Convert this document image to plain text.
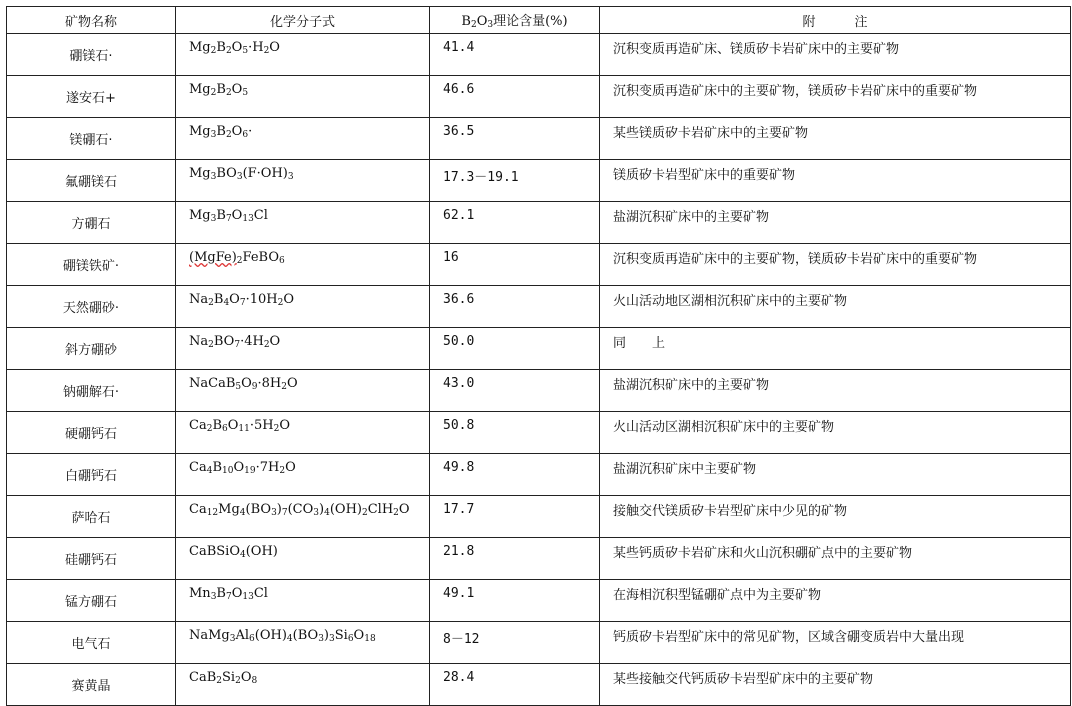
矿物名称	化学分子式	$B_2O_3$理论含量(%)	附　　　注
硼镁石·	$Mg_2B_2O_5\cdot H_2O$	41.4	沉积变质再造矿床、镁质矽卡岩矿床中的主要矿物
遂安石+	$Mg_2B_2O_5$	46.6	沉积变质再造矿床中的主要矿物，镁质矽卡岩矿床中的重要矿物
镁硼石·	$Mg_3B_2O_6\cdot$	36.5	某些镁质矽卡岩矿床中的主要矿物
氟硼镁石	$Mg_3BO_3(F\cdot OH)_3$	17.3－19.1	镁质矽卡岩型矿床中的重要矿物
方硼石	$Mg_3B_7O_{13}Cl$	62.1	盐湖沉积矿床中的主要矿物
硼镁铁矿·	$(MgFe)_2FeBO_6$	16	沉积变质再造矿床中的主要矿物，镁质矽卡岩矿床中的重要矿物
天然硼砂·	$Na_2B_4O_7\cdot 10H_2O$	36.6	火山活动地区湖相沉积矿床中的主要矿物
斜方硼砂	$Na_2BO_7\cdot 4H_2O$	50.0	同　　上
钠硼解石·	$NaCaB_5O_9\cdot 8H_2O$	43.0	盐湖沉积矿床中的主要矿物
硬硼钙石	$Ca_2B_6O_{11}\cdot 5H_2O$	50.8	火山活动区湖相沉积矿床中的主要矿物
白硼钙石	$Ca_4B_{10}O_{19}\cdot 7H_2O$	49.8	盐湖沉积矿床中主要矿物
萨哈石	$Ca_{12}Mg_4(BO_3)_7(CO_3)_4(OH)_2ClH_2O$	17.7	接触交代镁质矽卡岩型矿床中少见的矿物
硅硼钙石	CaBSiO$_4$(OH)	21.8	某些钙质矽卡岩矿床和火山沉积硼矿点中的主要矿物
锰方硼石	$Mn_3B_7O_{13}Cl$	49.1	在海相沉积型锰硼矿点中为主要矿物
电气石	$NaMg_3Al_6(OH)_4(BO_3)_3Si_6O_{18}$	8－12	钙质矽卡岩型矿床中的常见矿物，区域含硼变质岩中大量出现
赛黄晶	$CaB_2Si_2O_8$	28.4	某些接触交代钙质矽卡岩型矿床中的主要矿物
